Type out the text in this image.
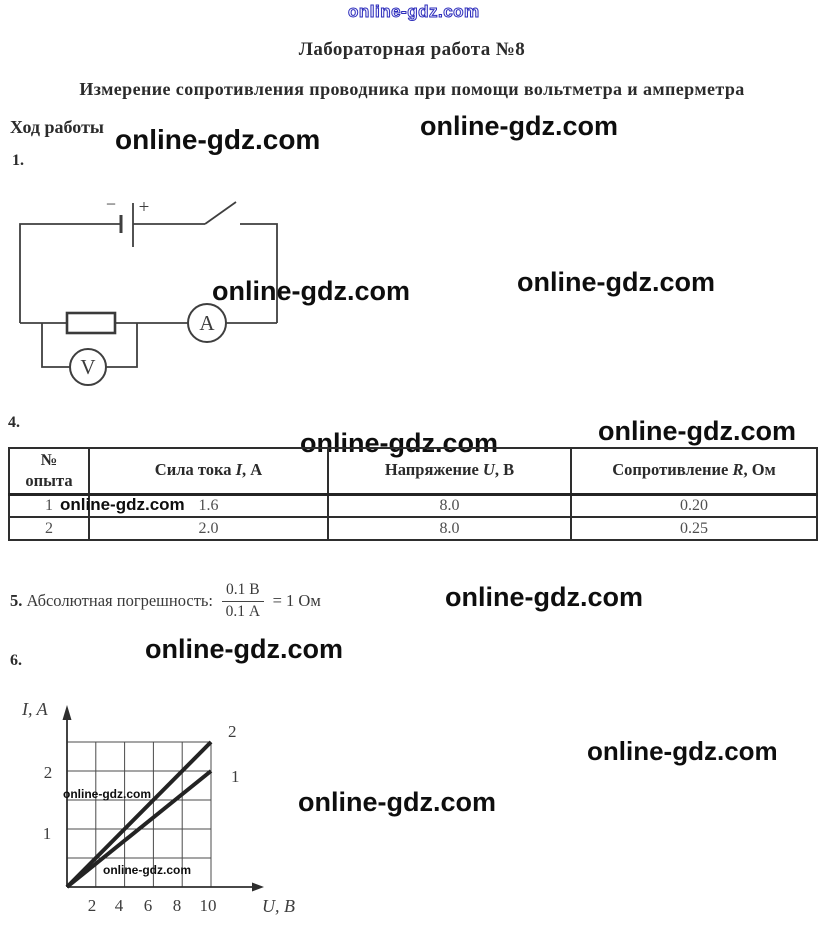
online-gdz.com
Лабораторная работа №8
Измерение сопротивления проводника при помощи вольтметра и амперметра
Ход работы online-gdz.com	online-gdz.com
1.
− +
A
V
online-gdz.com	online-gdz.com
4.
online-gdz.com	online-gdz.com
№
опыта	Сила тока I, А	Напряжение U, В	Сопротивление R, Ом
1	1.6	8.0	0.20
2	2.0	8.0	0.25
online-gdz.com
5. Абсолютная погрешность: $\frac{0.1 В}{0.1 А} = 1$ Ом	online-gdz.com
online-gdz.com
6.
I, A
U, В
2
1
2 4 6 8 10
2
1
online-gdz.com
online-gdz.com
online-gdz.com
online-gdz.com
